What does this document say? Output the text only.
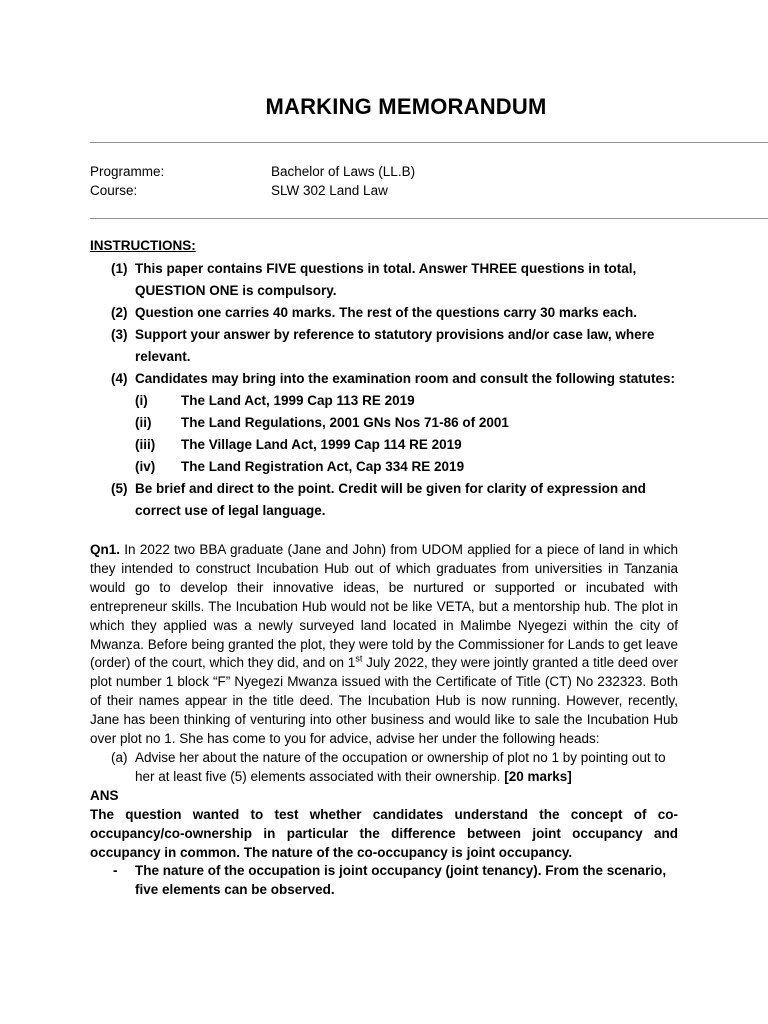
MARKING MEMORANDUM
Programme:	Bachelor of Laws (LL.B)
Course:	SLW 302 Land Law
INSTRUCTIONS:
(1) This paper contains FIVE questions in total. Answer THREE questions in total,
QUESTION ONE is compulsory.
(2) Question one carries 40 marks. The rest of the questions carry 30 marks each.
(3) Support your answer by reference to statutory provisions and/or case law, where
relevant.
(4) Candidates may bring into the examination room and consult the following statutes:
(i) The Land Act, 1999 Cap 113 RE 2019
(ii) The Land Regulations, 2001 GNs Nos 71-86 of 2001
(iii) The Village Land Act, 1999 Cap 114 RE 2019
(iv) The Land Registration Act, Cap 334 RE 2019
(5) Be brief and direct to the point. Credit will be given for clarity of expression and
correct use of legal language.
Qn1. In 2022 two BBA graduate (Jane and John) from UDOM applied for a piece of land in which they intended to construct Incubation Hub out of which graduates from universities in Tanzania would go to develop their innovative ideas, be nurtured or supported or incubated with entrepreneur skills. The Incubation Hub would not be like VETA, but a mentorship hub. The plot in which they applied was a newly surveyed land located in Malimbe Nyegezi within the city of Mwanza. Before being granted the plot, they were told by the Commissioner for Lands to get leave (order) of the court, which they did, and on 1st July 2022, they were jointly granted a title deed over plot number 1 block “F” Nyegezi Mwanza issued with the Certificate of Title (CT) No 232323. Both of their names appear in the title deed. The Incubation Hub is now running. However, recently, Jane has been thinking of venturing into other business and would like to sale the Incubation Hub over plot no 1. She has come to you for advice, advise her under the following heads:
(a) Advise her about the nature of the occupation or ownership of plot no 1 by pointing out to her at least five (5) elements associated with their ownership. [20 marks]
ANS
The question wanted to test whether candidates understand the concept of co-occupancy/co-ownership in particular the difference between joint occupancy and occupancy in common. The nature of the co-occupancy is joint occupancy.
- The nature of the occupation is joint occupancy (joint tenancy). From the scenario, five elements can be observed.
